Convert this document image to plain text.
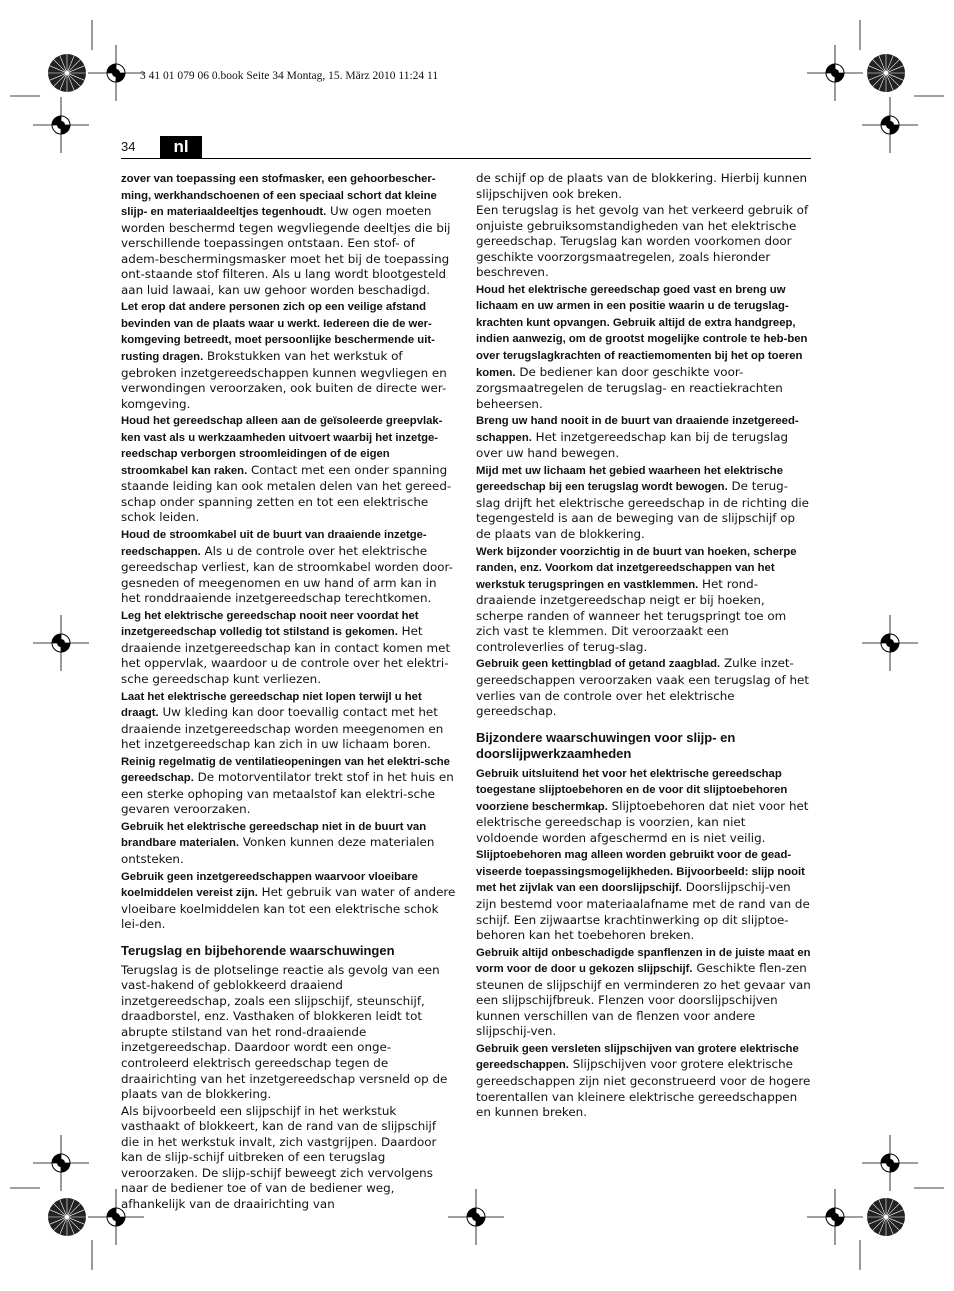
3 41 01 079 06 0.book Seite 34 Montag, 15. März 2010 11:24 11
34	nl

zover van toepassing een stofmasker, een gehoorbescher-ming, werkhandschoenen of een speciaal schort dat kleine slijp- en materiaaldeeltjes tegenhoudt. Uw ogen moeten worden beschermd tegen wegvliegende deeltjes die bij verschillende toepassingen ontstaan. Een stof- of adem-beschermingsmasker moet het bij de toepassing ont-staande stof filteren. Als u lang wordt blootgesteld aan luid lawaai, kan uw gehoor worden beschadigd.

Let erop dat andere personen zich op een veilige afstand bevinden van de plaats waar u werkt. Iedereen die de wer-komgeving betreedt, moet persoonlijke beschermende uit-rusting dragen. Brokstukken van het werkstuk of gebroken inzetgereedschappen kunnen wegvliegen en verwondingen veroorzaken, ook buiten de directe wer-komgeving.

Houd het gereedschap alleen aan de geïsoleerde greepvlak-ken vast als u werkzaamheden uitvoert waarbij het inzetge-reedschap verborgen stroomleidingen of de eigen stroomkabel kan raken. Contact met een onder spanning staande leiding kan ook metalen delen van het gereed-schap onder spanning zetten en tot een elektrische schok leiden.

Houd de stroomkabel uit de buurt van draaiende inzetge-reedschappen. Als u de controle over het elektrische gereedschap verliest, kan de stroomkabel worden door-gesneden of meegenomen en uw hand of arm kan in het ronddraaiende inzetgereedschap terechtkomen.

Leg het elektrische gereedschap nooit neer voordat het inzetgereedschap volledig tot stilstand is gekomen. Het draaiende inzetgereedschap kan in contact komen met het oppervlak, waardoor u de controle over het elektri-sche gereedschap kunt verliezen.

Laat het elektrische gereedschap niet lopen terwijl u het draagt. Uw kleding kan door toevallig contact met het draaiende inzetgereedschap worden meegenomen en het inzetgereedschap kan zich in uw lichaam boren.

Reinig regelmatig de ventilatieopeningen van het elektri-sche gereedschap. De motorventilator trekt stof in het huis en een sterke ophoping van metaalstof kan elektri-sche gevaren veroorzaken.

Gebruik het elektrische gereedschap niet in de buurt van brandbare materialen. Vonken kunnen deze materialen ontsteken.

Gebruik geen inzetgereedschappen waarvoor vloeibare koelmiddelen vereist zijn. Het gebruik van water of andere vloeibare koelmiddelen kan tot een elektrische schok lei-den.

Terugslag en bijbehorende waarschuwingen

Terugslag is de plotselinge reactie als gevolg van een vast-hakend of geblokkeerd draaiend inzetgereedschap, zoals een slijpschijf, steunschijf, draadborstel, enz. Vasthaken of blokkeren leidt tot abrupte stilstand van het rond-draaiende inzetgereedschap. Daardoor wordt een onge-controleerd elektrisch gereedschap tegen de draairichting van het inzetgereedschap versneld op de plaats van de blokkering.

Als bijvoorbeeld een slijpschijf in het werkstuk vasthaakt of blokkeert, kan de rand van de slijpschijf die in het werkstuk invalt, zich vastgrijpen. Daardoor kan de slijp-schijf uitbreken of een terugslag veroorzaken. De slijp-schijf beweegt zich vervolgens naar de bediener toe of van de bediener weg, afhankelijk van de draairichting van

de schijf op de plaats van de blokkering. Hierbij kunnen slijpschijven ook breken.

Een terugslag is het gevolg van het verkeerd gebruik of onjuiste gebruiksomstandigheden van het elektrische gereedschap. Terugslag kan worden voorkomen door geschikte voorzorgsmaatregelen, zoals hieronder beschreven.

Houd het elektrische gereedschap goed vast en breng uw lichaam en uw armen in een positie waarin u de terugslag-krachten kunt opvangen. Gebruik altijd de extra handgreep, indien aanwezig, om de grootst mogelijke controle te heb-ben over terugslagkrachten of reactiemomenten bij het op toeren komen. De bediener kan door geschikte voor-zorgsmaatregelen de terugslag- en reactiekrachten beheersen.

Breng uw hand nooit in de buurt van draaiende inzetgereed-schappen. Het inzetgereedschap kan bij de terugslag over uw hand bewegen.

Mijd met uw lichaam het gebied waarheen het elektrische gereedschap bij een terugslag wordt bewogen. De terug-slag drijft het elektrische gereedschap in de richting die tegengesteld is aan de beweging van de slijpschijf op de plaats van de blokkering.

Werk bijzonder voorzichtig in de buurt van hoeken, scherpe randen, enz. Voorkom dat inzetgereedschappen van het werkstuk terugspringen en vastklemmen. Het rond-draaiende inzetgereedschap neigt er bij hoeken, scherpe randen of wanneer het terugspringt toe om zich vast te klemmen. Dit veroorzaakt een controleverlies of terug-slag.

Gebruik geen kettingblad of getand zaagblad. Zulke inzet-gereedschappen veroorzaken vaak een terugslag of het verlies van de controle over het elektrische gereedschap.

Bijzondere waarschuwingen voor slijp- en doorslijpwerkzaamheden

Gebruik uitsluitend het voor het elektrische gereedschap toegestane slijptoebehoren en de voor dit slijptoebehoren voorziene beschermkap. Slijptoebehoren dat niet voor het elektrische gereedschap is voorzien, kan niet voldoende worden afgeschermd en is niet veilig.

Slijptoebehoren mag alleen worden gebruikt voor de gead-viseerde toepassingsmogelijkheden. Bijvoorbeeld: slijp nooit met het zijvlak van een doorslijpschijf. Doorslijpschij-ven zijn bestemd voor materiaalafname met de rand van de schijf. Een zijwaartse krachtinwerking op dit slijptoe-behoren kan het toebehoren breken.

Gebruik altijd onbeschadigde spanflenzen in de juiste maat en vorm voor de door u gekozen slijpschijf. Geschikte flen-zen steunen de slijpschijf en verminderen zo het gevaar van een slijpschijfbreuk. Flenzen voor doorslijpschijven kunnen verschillen van de flenzen voor andere slijpschij-ven.

Gebruik geen versleten slijpschijven van grotere elektrische gereedschappen. Slijpschijven voor grotere elektrische gereedschappen zijn niet geconstrueerd voor de hogere toerentallen van kleinere elektrische gereedschappen en kunnen breken.
